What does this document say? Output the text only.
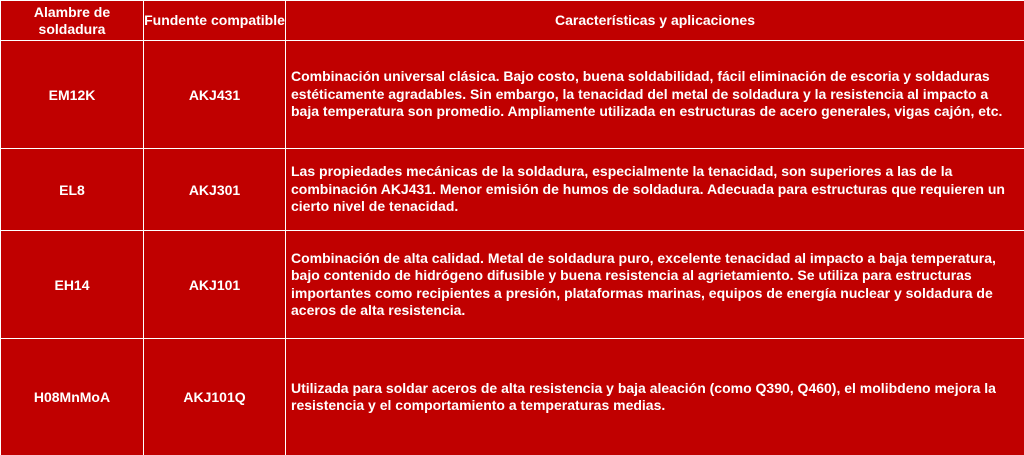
Alambre de soldadura	Fundente compatible	Características y aplicaciones
EM12K	AKJ431	Combinación universal clásica. Bajo costo, buena soldabilidad, fácil eliminación de escoria y soldaduras estéticamente agradables. Sin embargo, la tenacidad del metal de soldadura y la resistencia al impacto a baja temperatura son promedio. Ampliamente utilizada en estructuras de acero generales, vigas cajón, etc.
EL8	AKJ301	Las propiedades mecánicas de la soldadura, especialmente la tenacidad, son superiores a las de la combinación AKJ431. Menor emisión de humos de soldadura. Adecuada para estructuras que requieren un cierto nivel de tenacidad.
EH14	AKJ101	Combinación de alta calidad. Metal de soldadura puro, excelente tenacidad al impacto a baja temperatura, bajo contenido de hidrógeno difusible y buena resistencia al agrietamiento. Se utiliza para estructuras importantes como recipientes a presión, plataformas marinas, equipos de energía nuclear y soldadura de aceros de alta resistencia.
H08MnMoA	AKJ101Q	Utilizada para soldar aceros de alta resistencia y baja aleación (como Q390, Q460), el molibdeno mejora la resistencia y el comportamiento a temperaturas medias.
